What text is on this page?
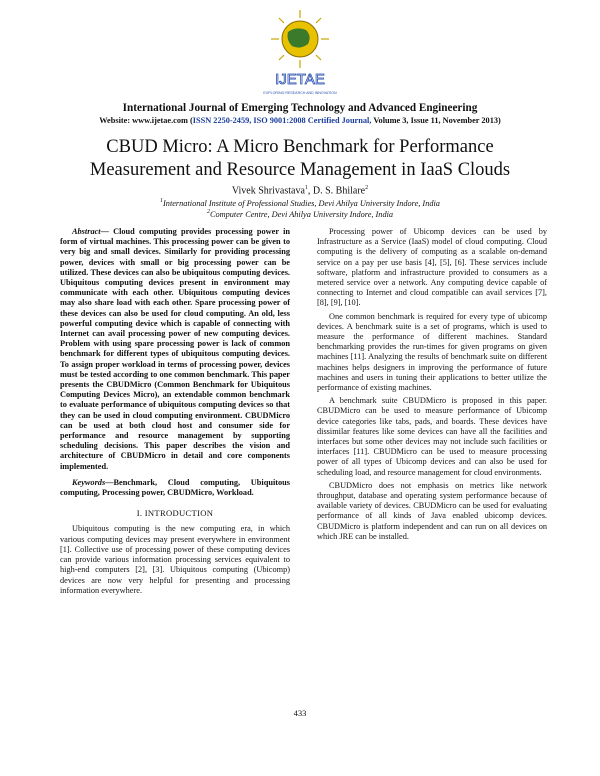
IJETAE
EXPLORING RESEARCH AND INNOVATION
International Journal of Emerging Technology and Advanced Engineering
Website: www.ijetae.com (ISSN 2250-2459, ISO 9001:2008 Certified Journal, Volume 3, Issue 11, November 2013)
CBUD Micro: A Micro Benchmark for Performance
Measurement and Resource Management in IaaS Clouds
Vivek Shrivastava$^1$, D. S. Bhilare$^2$
$^1$International Institute of Professional Studies, Devi Ahilya University Indore, India
$^2$Computer Centre, Devi Ahilya University Indore, India

Abstract— Cloud computing provides processing power in form of virtual machines. This processing power can be given to very big and small devices. Similarly for providing processing power, devices with small or big processing power can be utilized. These devices can also be ubiquitous computing devices. Ubiquitous computing devices present in environment may communicate with each other. Ubiquitous computing devices may also share load with each other. Spare processing power of these devices can also be used for cloud computing. An old, less powerful computing device which is capable of connecting with Internet can avail processing power of new computing devices. Problem with using spare processing power is lack of common benchmark for different types of ubiquitous computing devices. To assign proper workload in terms of processing power, devices must be tested according to one common benchmark. This paper presents the CBUDMicro (Common Benchmark for Ubiquitous Computing Devices Micro), an extendable common benchmark to evaluate performance of ubiquitous computing devices so that they can be used in cloud computing environment. CBUDMicro can be used at both cloud host and consumer side for performance and resource management by supporting scheduling decisions. This paper describes the vision and architecture of CBUDMicro in detail and core components implemented.

Keywords—Benchmark, Cloud computing, Ubiquitous computing, Processing power, CBUDMicro, Workload.

I. INTRODUCTION

Ubiquitous computing is the new computing era, in which various computing devices may present everywhere in environment [1]. Collective use of processing power of these computing devices can provide various information processing services equivalent to high-end computers [2], [3]. Ubiquitous computing (Ubicomp) devices are now very helpful for presenting and processing information everywhere.

Processing power of Ubicomp devices can be used by Infrastructure as a Service (IaaS) model of cloud computing. Cloud computing is the delivery of computing as a scalable on-demand service on a pay per use basis [4], [5], [6]. These services include software, platform and infrastructure provided to consumers as a metered service over a network. Any computing device capable of connecting to Internet and cloud compatible can avail services [7], [8], [9], [10].

One common benchmark is required for every type of ubicomp devices. A benchmark suite is a set of programs, which is used to measure the performance of different machines. Standard benchmarking provides the run-times for given programs on given machines [11]. Analyzing the results of benchmark suite on different machines helps designers in improving the performance of future machines and users in tuning their applications to better utilize the performance of existing machines.

A benchmark suite CBUDMicro is proposed in this paper. CBUDMicro can be used to measure performance of Ubicomp device categories like tabs, pads, and boards. These devices have dissimilar features like some devices can have all the facilities and interfaces but some other devices may not include such facilities or interfaces [11]. CBUDMicro can be used to measure processing power of all types of Ubicomp devices and can also be used for scheduling load, and resource management for cloud environments.

CBUDMicro does not emphasis on metrics like network throughput, database and operating system performance because of available variety of devices. CBUDMicro can be used for evaluating performance of all kinds of Java enabled ubicomp devices. CBUDMicro is platform independent and can run on all devices on which JRE can be installed.

433
